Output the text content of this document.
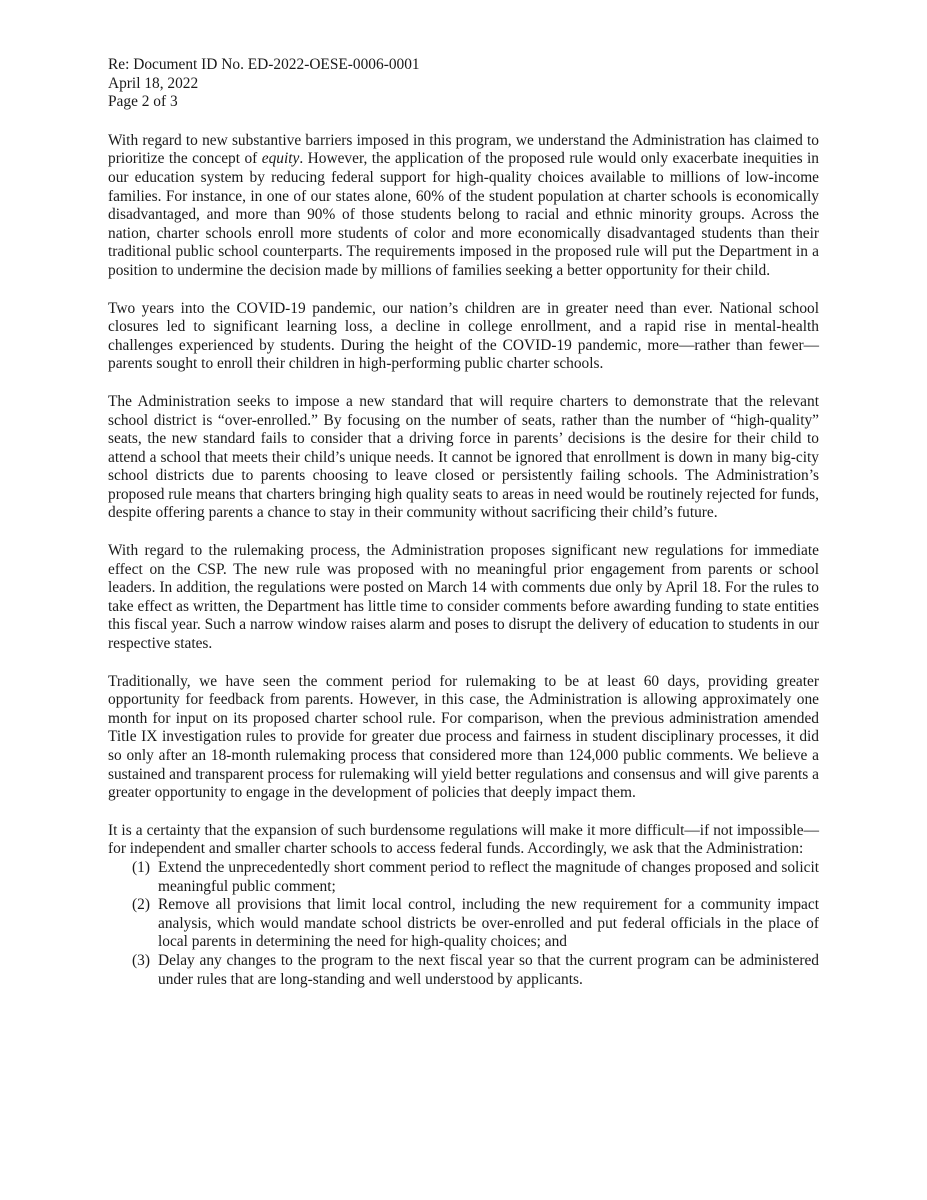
Re: Document ID No. ED-2022-OESE-0006-0001
April 18, 2022
Page 2 of 3

With regard to new substantive barriers imposed in this program, we understand the Administration has claimed to prioritize the concept of equity. However, the application of the proposed rule would only exacerbate inequities in our education system by reducing federal support for high-quality choices available to millions of low-income families. For instance, in one of our states alone, 60% of the student population at charter schools is economically disadvantaged, and more than 90% of those students belong to racial and ethnic minority groups. Across the nation, charter schools enroll more students of color and more economically disadvantaged students than their traditional public school counterparts. The requirements imposed in the proposed rule will put the Department in a position to undermine the decision made by millions of families seeking a better opportunity for their child.

Two years into the COVID-19 pandemic, our nation’s children are in greater need than ever. National school closures led to significant learning loss, a decline in college enrollment, and a rapid rise in mental-health challenges experienced by students. During the height of the COVID-19 pandemic, more—rather than fewer—parents sought to enroll their children in high-performing public charter schools.

The Administration seeks to impose a new standard that will require charters to demonstrate that the relevant school district is “over-enrolled.” By focusing on the number of seats, rather than the number of “high-quality” seats, the new standard fails to consider that a driving force in parents’ decisions is the desire for their child to attend a school that meets their child’s unique needs. It cannot be ignored that enrollment is down in many big-city school districts due to parents choosing to leave closed or persistently failing schools. The Administration’s proposed rule means that charters bringing high quality seats to areas in need would be routinely rejected for funds, despite offering parents a chance to stay in their community without sacrificing their child’s future.

With regard to the rulemaking process, the Administration proposes significant new regulations for immediate effect on the CSP. The new rule was proposed with no meaningful prior engagement from parents or school leaders. In addition, the regulations were posted on March 14 with comments due only by April 18. For the rules to take effect as written, the Department has little time to consider comments before awarding funding to state entities this fiscal year. Such a narrow window raises alarm and poses to disrupt the delivery of education to students in our respective states.

Traditionally, we have seen the comment period for rulemaking to be at least 60 days, providing greater opportunity for feedback from parents. However, in this case, the Administration is allowing approximately one month for input on its proposed charter school rule. For comparison, when the previous administration amended Title IX investigation rules to provide for greater due process and fairness in student disciplinary processes, it did so only after an 18-month rulemaking process that considered more than 124,000 public comments. We believe a sustained and transparent process for rulemaking will yield better regulations and consensus and will give parents a greater opportunity to engage in the development of policies that deeply impact them.

It is a certainty that the expansion of such burdensome regulations will make it more difficult—if not impossible—for independent and smaller charter schools to access federal funds. Accordingly, we ask that the Administration:

(1) Extend the unprecedentedly short comment period to reflect the magnitude of changes proposed and solicit meaningful public comment;
(2) Remove all provisions that limit local control, including the new requirement for a community impact analysis, which would mandate school districts be over-enrolled and put federal officials in the place of local parents in determining the need for high-quality choices; and
(3) Delay any changes to the program to the next fiscal year so that the current program can be administered under rules that are long-standing and well understood by applicants.
